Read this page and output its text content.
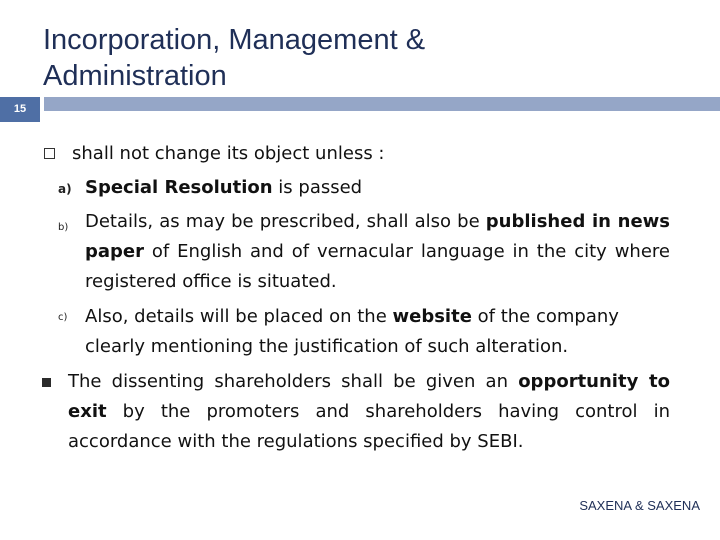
Incorporation, Management &
Administration
15
shall not change its object unless :
a) Special Resolution is passed
b) Details, as may be prescribed, shall also be published in news paper of English and of vernacular language in the city where registered office is situated.
c) Also, details will be placed on the website of the company clearly mentioning the justification of such alteration.
The dissenting shareholders shall be given an opportunity to exit by the promoters and shareholders having control in accordance with the regulations specified by SEBI.
SAXENA & SAXENA
